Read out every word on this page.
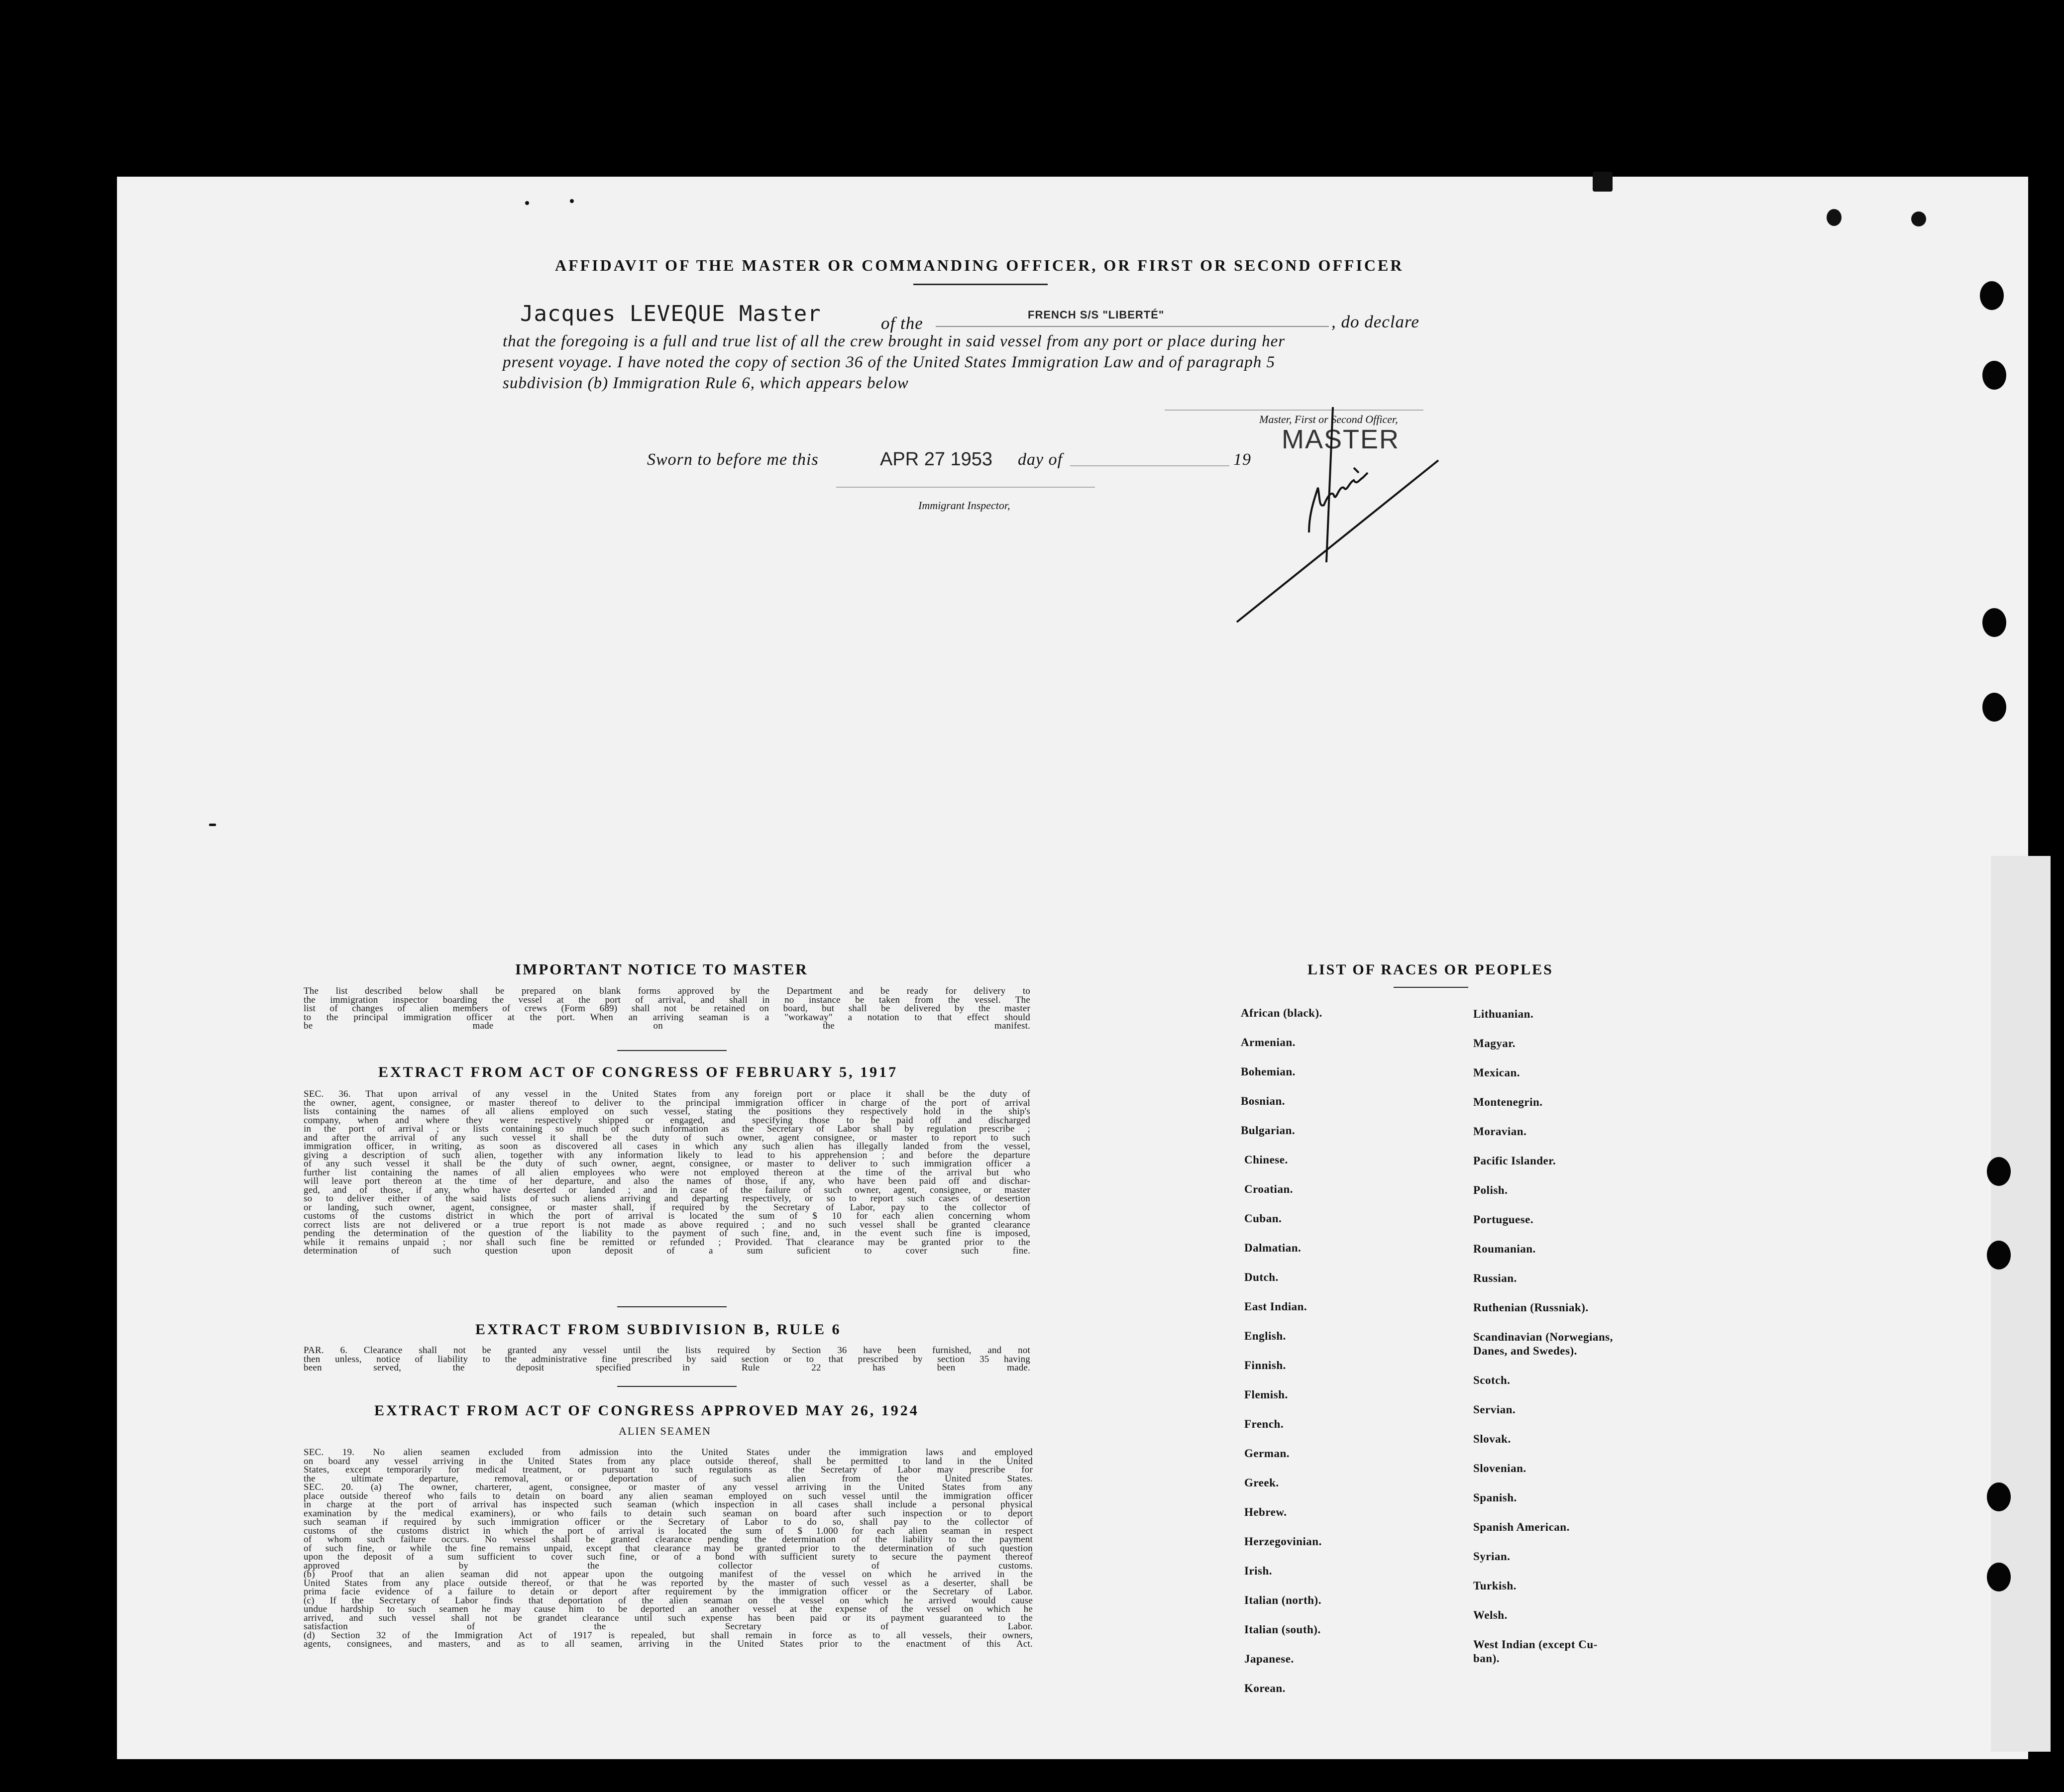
AFFIDAVIT OF THE MASTER OR COMMANDING OFFICER, OR FIRST OR SECOND OFFICER
Jacques LEVEQUE Master	of the	FRENCH S/S "LIBERTÉ"	, do declare
that the foregoing is a full and true list of all the crew brought in said vessel from any port or place during her
present voyage. I have noted the copy of section 36 of the United States Immigration Law and of paragraph 5
subdivision (b) Immigration Rule 6, which appears below
Master, First or Second Officer,
MASTER
Sworn to before me this	APR 27 1953 day of	19
Immigrant Inspector,
IMPORTANT NOTICE TO MASTER
The list described below shall be prepared on blank forms approved by the Department and be ready for delivery to
the immigration inspector boarding the vessel at the port of arrival, and shall in no instance be taken from the vessel. The
list of changes of alien members of crews (Form 689) shall not be retained on board, but shall be delivered by the master
to the principal immigration officer at the port. When an arriving seaman is a "workaway" a notation to that effect should
be made on the manifest.
EXTRACT FROM ACT OF CONGRESS OF FEBRUARY 5, 1917
SEC. 36. That upon arrival of any vessel in the United States from any foreign port or place it shall be the duty of
the owner, agent, consignee, or master thereof to deliver to the principal immigration officer in charge of the port of arrival
lists containing the names of all aliens employed on such vessel, stating the positions they respectively hold in the ship's
company, when and where they were respectively shipped or engaged, and specifying those to be paid off and discharged
in the port of arrival ; or lists containing so much of such information as the Secretary of Labor shall by regulation prescribe ;
and after the arrival of any such vessel it shall be the duty of such owner, agent consignee, or master to report to such
immigration officer, in writing, as soon as discovered all cases in which any such alien has illegally landed from the vessel,
giving a description of such alien, together with any information likely to lead to his apprehension ; and before the departure
of any such vessel it shall be the duty of such owner, aegnt, consignee, or master to deliver to such immigration officer a
further list containing the names of all alien employees who were not employed thereon at the time of the arrival but who
will leave port thereon at the time of her departure, and also the names of those, if any, who have been paid off and dischar-
ged, and of those, if any, who have deserted or landed ; and in case of the failure of such owner, agent, consignee, or master
so to deliver either of the said lists of such aliens arriving and departing respectively, or so to report such cases of desertion
or landing, such owner, agent, consignee, or master shall, if required by the Secretary of Labor, pay to the collector of
customs of the customs district in which the port of arrival is located the sum of $ 10 for each alien concerning whom
correct lists are not delivered or a true report is not made as above required ; and no such vessel shall be granted clearance
pending the determination of the question of the liability to the payment of such fine, and, in the event such fine is imposed,
while it remains unpaid ; nor shall such fine be remitted or refunded ; Provided. That clearance may be granted prior to the
determination of such question upon deposit of a sum suficient to cover such fine.
EXTRACT FROM SUBDIVISION B, RULE 6
PAR. 6. Clearance shall not be granted any vessel until the lists required by Section 36 have been furnished, and not
then unless, notice of liability to the administrative fine prescribed by said section or to that prescribed by section 35 having
been served, the deposit specified in Rule 22 has been made.
EXTRACT FROM ACT OF CONGRESS APPROVED MAY 26, 1924
ALIEN SEAMEN
SEC. 19. No alien seamen excluded from admission into the United States under the immigration laws and employed
on board any vessel arriving in the United States from any place outside thereof, shall be permitted to land in the United
States, except temporarily for medical treatment, or pursuant to such regulations as the Secretary of Labor may prescribe for
the ultimate departure, removal, or deportation of such alien from the United States.
SEC. 20. (a) The owner, charterer, agent, consignee, or master of any vessel arriving in the United States from any
place outside thereof who fails to detain on board any alien seaman employed on such vessel until the immigration officer
in charge at the port of arrival has inspected such seaman (which inspection in all cases shall include a personal physical
examination by the medical examiners), or who fails to detain such seaman on board after such inspection or to deport
such seaman if required by such immigration officer or the Secretary of Labor to do so, shall pay to the collector of
customs of the customs district in which the port of arrival is located the sum of $ 1.000 for each alien seaman in respect
of whom such failure occurs. No vessel shall be granted clearance pending the determination of the liability to the payment
of such fine, or while the fine remains unpaid, except that clearance may be granted prior to the determination of such question
upon the deposit of a sum sufficient to cover such fine, or of a bond with sufficient surety to secure the payment thereof
approved by the collector of customs.
(b) Proof that an alien seaman did not appear upon the outgoing manifest of the vessel on which he arrived in the
United States from any place outside thereof, or that he was reported by the master of such vessel as a deserter, shall be
prima facie evidence of a failure to detain or deport after requirement by the immigration officer or the Secretary of Labor.
(c) If the Secretary of Labor finds that deportation of the alien seaman on the vessel on which he arrived would cause
undue hardship to such seamen he may cause him to be deported an another vessel at the expense of the vessel on which he
arrived, and such vessel shall not be grandet clearance until such expense has been paid or its payment guaranteed to the
satisfaction of the Secretary of Labor.
(d) Section 32 of the Immigration Act of 1917 is repealed, but shall remain in force as to all vessels, their owners,
agents, consignees, and masters, and as to all seamen, arriving in the United States prior to the enactment of this Act.
LIST OF RACES OR PEOPLES
African (black).
Armenian.
Bohemian.
Bosnian.
Bulgarian.
Chinese.
Croatian.
Cuban.
Dalmatian.
Dutch.
East Indian.
English.
Finnish.
Flemish.
French.
German.
Greek.
Hebrew.
Herzegovinian.
Irish.
Italian (north).
Italian (south).
Japanese.
Korean.
Lithuanian.
Magyar.
Mexican.
Montenegrin.
Moravian.
Pacific Islander.
Polish.
Portuguese.
Roumanian.
Russian.
Ruthenian (Russniak).
Scandinavian (Norwegians,
Danes, and Swedes).
Scotch.
Servian.
Slovak.
Slovenian.
Spanish.
Spanish American.
Syrian.
Turkish.
Welsh.
West Indian (except Cu-
ban).
